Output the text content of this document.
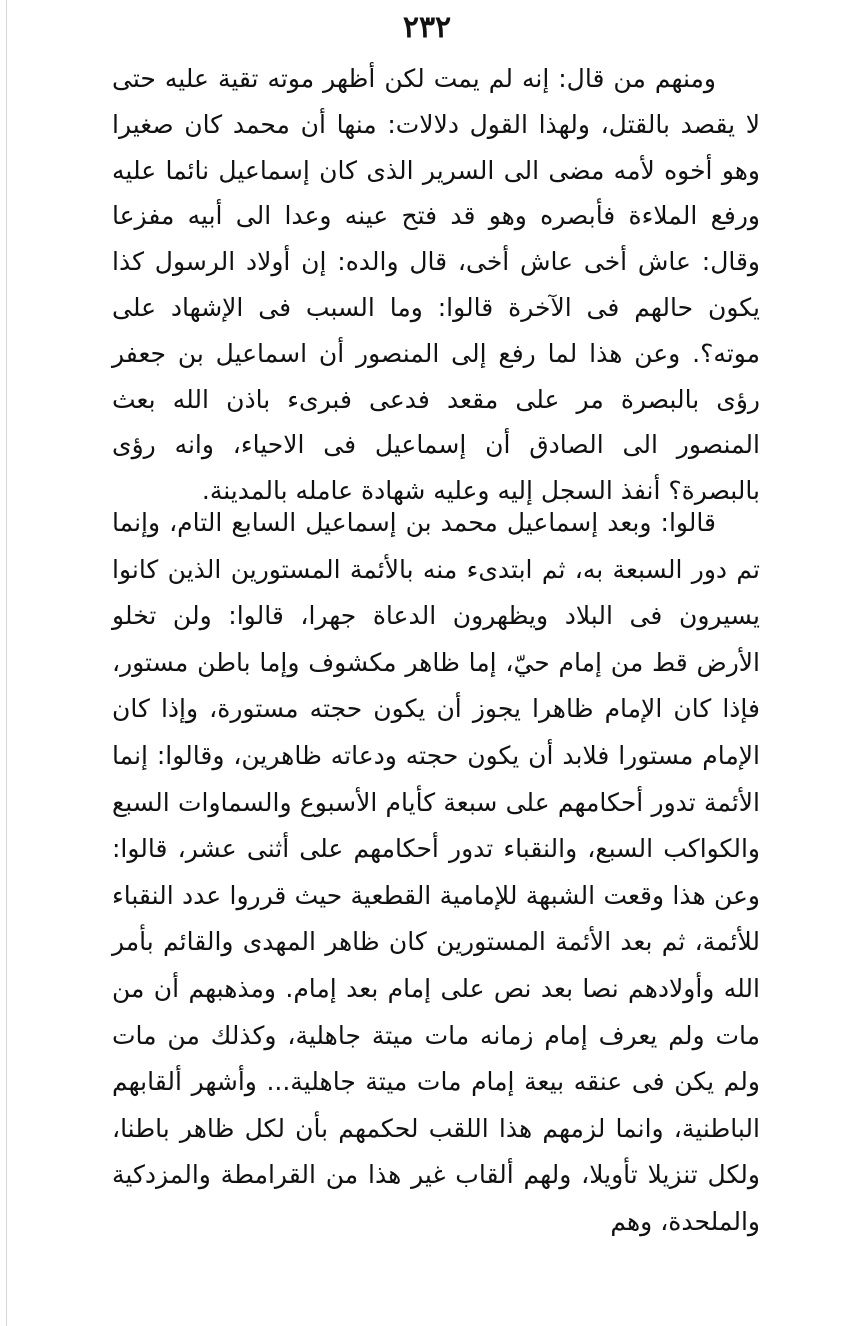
٢٣٢

ومنهم من قال: إنه لم يمت لكن أظهر موته تقية عليه حتى لا يقصد بالقتل، ولهذا القول دلالات: منها أن محمد كان صغيرا وهو أخوه لأمه مضى الى السرير الذى كان إسماعيل نائما عليه ورفع الملاءة فأبصره وهو قد فتح عينه وعدا الى أبيه مفزعا وقال: عاش أخى عاش أخى، قال والده: إن أولاد الرسول كذا يكون حالهم فى الآخرة قالوا: وما السبب فى الإشهاد على موته؟. وعن هذا لما رفع إلى المنصور أن اسماعيل بن جعفر رؤى بالبصرة مر على مقعد فدعى فبرىء باذن الله بعث المنصور الى الصادق أن إسماعيل فى الاحياء، وانه رؤى بالبصرة؟ أنفذ السجل إليه وعليه شهادة عامله بالمدينة.

قالوا: وبعد إسماعيل محمد بن إسماعيل السابع التام، وإنما تم دور السبعة به، ثم ابتدىء منه بالأئمة المستورين الذين كانوا يسيرون فى البلاد ويظهرون الدعاة جهرا، قالوا: ولن تخلو الأرض قط من إمام حيّ، إما ظاهر مكشوف وإما باطن مستور، فإذا كان الإمام ظاهرا يجوز أن يكون حجته مستورة، وإذا كان الإمام مستورا فلابد أن يكون حجته ودعاته ظاهرين، وقالوا: إنما الأئمة تدور أحكامهم على سبعة كأيام الأسبوع والسماوات السبع والكواكب السبع، والنقباء تدور أحكامهم على أثنى عشر، قالوا: وعن هذا وقعت الشبهة للإمامية القطعية حيث قرروا عدد النقباء للأئمة، ثم بعد الأئمة المستورين كان ظاهر المهدى والقائم بأمر الله وأولادهم نصا بعد نص على إمام بعد إمام. ومذهبهم أن من مات ولم يعرف إمام زمانه مات ميتة جاهلية، وكذلك من مات ولم يكن فى عنقه بيعة إمام مات ميتة جاهلية... وأشهر ألقابهم الباطنية، وانما لزمهم هذا اللقب لحكمهم بأن لكل ظاهر باطنا، ولكل تنزيلا تأويلا، ولهم ألقاب غير هذا من القرامطة والمزدكية والملحدة، وهم
